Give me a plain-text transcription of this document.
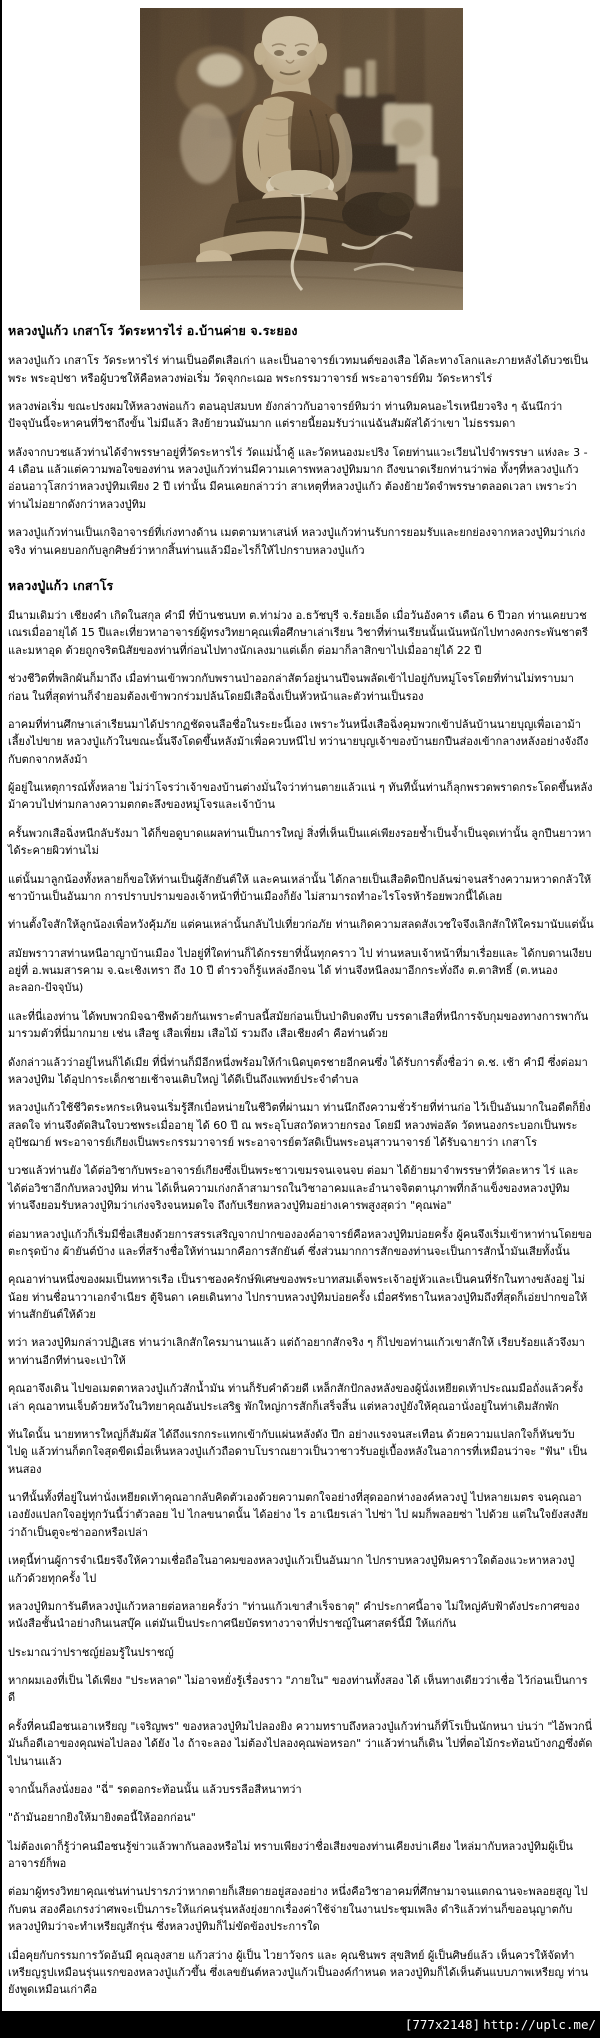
หลวงปู่แก้ว เกสาโร วัดระหารไร่ อ.บ้านค่าย จ.ระยอง

หลวงปู่แก้ว เกสาโร วัดระหารไร่ ท่านเป็นอดีตเสือเก่า และเป็นอาจารย์เวทมนต์ของเสือ ได้ละทางโลกและภายหลังได้บวชเป็นพระ พระอุปชา หรือผู้บวชให้คือหลวงพ่อเริ่ม วัดจุกกะเฌอ พระกรรมวาจารย์ พระอาจารย์ทิม วัดระหารไร่

หลวงพ่อเริ่ม ขณะปรงผมให้หลวงพ่อแก้ว ตอนอุปสมบท ยังกล่าวกับอาจารย์ทิมว่า ท่านทิมคนอะไรเหนียวจริง ๆ ฉันนึกว่าปัจจุบันนี้จะหาคนที่วิชาถึงขั้น ไม่มีแล้ว สิงย้ายวนมันมาก แต่รายนี้ยอมรับว่าแน่ฉันสัมผัสได้ว่าเขา ไม่ธรรมดา

หลังจากบวชแล้วท่านได้จำพรรษาอยู่ที่วัดระหารไร่ วัดแม่น้ำคู้ และวัดหนองมะปริง โดยท่านแวะเวียนไปจำพรรษา แห่งละ 3 - 4 เดือน แล้วแต่ความพอใจของท่าน หลวงปู่แก้วท่านมีความเคารพหลวงปู่ทิมมาก ถึงขนาดเรียกท่านว่าพ่อ ทั้งๆที่หลวงปู่แก้ว อ่อนอาวุโสกว่าหลวงปู่ทิมเพียง 2 ปี เท่านั้น มีคนเคยกล่าวว่า สาเหตุที่หลวงปู่แก้ว ต้องย้ายวัดจำพรรษาตลอดเวลา เพราะว่า ท่านไม่อยากดังกว่าหลวงปู่ทิม

หลวงปู่แก้วท่านเป็นเกจิอาจารย์ที่เก่งทางด้าน เมตตามหาเสน่ห์ หลวงปู่แก้วท่านรับการยอมรับและยกย่องจากหลวงปู่ทิมว่าเก่งจริง ท่านเคยบอกกับลูกศิษย์ว่าหากสิ้นท่านแล้วมีอะไรก็ให้ไปกราบหลวงปู่แก้ว

หลวงปู่แก้ว เกสาโร

มีนามเดิมว่า เชียงคำ เกิดในสกุล คำมี ที่บ้านชนบท ต.ท่าม่วง อ.ธวัชบุรี จ.ร้อยเอ็ด เมื่อวันอังคาร เดือน 6 ปีวอก ท่านเคยบวชเณรเมื่ออายุได้ 15 ปีและเที่ยวหาอาจารย์ผู้ทรงวิทยาคุณเพื่อศึกษาเล่าเรียน วิชาที่ท่านเรียนนั้นเน้นหนักไปทางคงกระพันชาตรีและมหาอุด ด้วยถูกจริตนิสัยของท่านที่ก่อนไปทางนักเลงมาแต่เด็ก ต่อมาก็ลาสิกขาไปเมื่ออายุได้ 22 ปี

ช่วงชีวิตที่พลิกผันก็มาถึง เมื่อท่านเข้าพวกกับพรานป่าออกล่าสัตว์อยู่นานปีจนพลัดเข้าไปอยู่กับหมู่โจรโดยที่ท่านไม่ทราบมาก่อน ในที่สุดท่านก็จำยอมต้องเข้าพวกร่วมปล้นโดยมีเสือฉิ่งเป็นหัวหน้าและตัวท่านเป็นรอง

อาคมที่ท่านศึกษาเล่าเรียนมาได้ปรากฏชัดจนลือชื่อในระยะนี้เอง เพราะวันหนึ่งเสือฉิ่งคุมพวกเข้าปล้นบ้านนายบุญเพื่อเอาม้าเลี้ยงไปขาย หลวงปู่แก้วในขณะนั้นจึงโดดขึ้นหลังม้าเพื่อควบหนีไป ทว่านายบุญเจ้าของบ้านยกปืนส่องเข้ากลางหลังอย่างจังถึงกับตกจากหลังม้า

ผู้อยู่ในเหตุการณ์ทั้งหลาย ไม่ว่าโจรว่าเจ้าของบ้านต่างมั่นใจว่าท่านตายแล้วแน่ ๆ ทันทีนั้นท่านก็ลุกพรวดพราดกระโดดขึ้นหลังม้าควบไปท่ามกลางความตกตะลึงของหมู่โจรและเจ้าบ้าน

ครั้นพวกเสือฉิ่งหนีกลับรังมา ได้ก็ขอดูบาดแผลท่านเป็นการใหญ่ สิ่งที่เห็นเป็นแค่เพียงรอยช้ำเป็นจ้ำเป็นจุดเท่านั้น ลูกปืนยาวหาได้ระคายผิวท่านไม่

แต่นั้นมาลูกน้องทั้งหลายก็ขอให้ท่านเป็นผู้สักยันต์ให้ และคนเหล่านั้น ได้กลายเป็นเสือติดปีกปล้นฆ่าจนสร้างความหวาดกลัวให้ชาวบ้านเป็นอันมาก การปราบปรามของเจ้าหน้าที่บ้านเมืองก็ยัง ไม่สามารถทำอะไรโจรห้าร้อยพวกนี้ได้เลย

ท่านตั้งใจสักให้ลูกน้องเพื่อหวังคุ้มภัย แต่คนเหล่านั้นกลับไปเที่ยวก่อภัย ท่านเกิดความสลดสังเวชใจจึงเลิกสักให้ใครมานับแต่นั้น

สมัยพราวาสท่านหนีอาญาบ้านเมือง ไปอยู่ที่ใดท่านก็ได้กรรยาที่นั้นทุกคราว ไป ท่านหลบเจ้าหน้าที่มาเรื่อยและ ได้กบดานเงียบอยู่ที่ อ.พนมสารคาม จ.ฉะเชิงเทรา ถึง 10 ปี ตำรวจก็รู้แหล่งอีกจน ได้ ท่านจึงหนีลงมาอีกกระทั่งถึง ต.ตาสิทธิ์ (ต.หนองละลอก-ปัจจุบัน)

และที่นี่เองท่าน ได้พบพวกมิจฉาชีพด้วยกันเพราะตำบลนี้สมัยก่อนเป็นป่าดิบดงทึบ บรรดาเสือที่หนีการจับกุมของทางการพากันมารวมตัวที่นี่มากมาย เช่น เสือชู เสือเพี่ยม เสือไม้ รวมถึง เสือเชียงคำ คือท่านด้วย

ดังกล่าวแล้วว่าอยู่ไหนก็ได้เมีย ที่นี่ท่านก็มีอีกหนึ่งพร้อมให้กำเนิดบุตรชายอีกคนซึ่ง ได้รับการตั้งชื่อว่า ด.ช. เช้า คำมี ซึ่งต่อมาหลวงปู่ทิม ได้อุปการะเด็กชายเช้าจนเติบใหญ่ ได้ดีเป็นถึงแพทย์ประจำตำบล

หลวงปู่แก้วใช้ชีวิตระหกระเหินจนเริ่มรู้สึกเบื่อหน่ายในชีวิตที่ผ่านมา ท่านนึกถึงความชั่วร้ายที่ท่านก่อ ไว้เป็นอันมากในอดีตก็ยิ่งสลดใจ ท่านจึงตัดสินใจบวชพระเมื่ออายุ ได้ 60 ปี ณ พระอุโบสถวัดหวายกรอง โดยมี หลวงพ่อลัด วัดหนองกระบอกเป็นพระอุปัชฌาย์ พระอาจารย์เกียงเป็นพระกรรมวาจารย์ พระอาจารย์ตวัสดิเป็นพระอนุสาวนาจารย์ ได้รับฉายาว่า เกสาโร

บวชแล้วท่านยัง ได้ต่อวิชากับพระอาจารย์เกียงซึ่งเป็นพระชาวเขมรจนเจนจบ ต่อมา ได้ย้ายมาจำพรรษาที่วัดละหาร ไร่ และ ได้ต่อวิชาอีกกับหลวงปู่ทิม ท่าน ได้เห็นความเก่งกล้าสามารถในวิชาอาคมและอำนาจจิตตานุภาพที่กล้าแข็งของหลวงปู่ทิม ท่านจึงยอมรับหลวงปู่ทิมว่าเก่งจริงจนหมดใจ ถึงกับเรียกหลวงปู่ทิมอย่างเคารพสูงสุดว่า "คุณพ่อ"

ต่อมาหลวงปู่แก้วก็เริ่มมีชื่อเสียงด้วยการสรรเสริญจากปากขององค์อาจารย์คือหลวงปู่ทิมบ่อยครั้ง ผู้คนจึงเริ่มเข้าหาท่านโดยขอตะกรุดบ้าง ผ้ายันต์บ้าง และที่สร้างชื่อให้ท่านมากคือการสักยันต์ ซึ่งส่วนมากการสักของท่านจะเป็นการสักน้ำมันเสียทั้งนั้น

คุณอาท่านหนึ่งของผมเป็นทหารเรือ เป็นราชองครักษ์พิเศษของพระบาทสมเด็จพระเจ้าอยู่หัวและเป็นคนที่รักในทางขลังอยู่ ไม่น้อย ท่านชื่อนาวาเอกจำเนียร ตู้จินดา เคยเดินทาง ไปกราบหลวงปู่ทิมบ่อยครั้ง เมื่อศรัทธาในหลวงปู่ทิมถึงที่สุดก็เอ่ยปากขอให้ท่านสักยันต์ให้ด้วย

ทว่า หลวงปู่ทิมกล่าวปฏิเสธ ท่านว่าเลิกสักใครมานานแล้ว แต่ถ้าอยากสักจริง ๆ ก็ไปขอท่านแก้วเขาสักให้ เรียบร้อยแล้วจึงมาหาท่านอีกทีท่านจะเป่าให้

คุณอาจึงเดิน ไปขอเมตตาหลวงปู่แก้วสักน้ำมัน ท่านก็รับคำด้วยดี เหล็กสักปักลงหลังของผู้นั่งเหยียดเท้าประณมมือถั่งแล้วครั้งเล่า คุณอาทนเจ็บด้วยหวังในวิทยาคุณอันประเสริฐ พักใหญ่การสักก็เสร็จสิ้น แต่หลวงปู่ยังให้คุณอานั่งอยู่ในท่าเดิมสักพัก

ทันใดนั้น นายทหารใหญ่ก็สัมผัส ได้ถึงแรกกระแทกเข้ากับแผ่นหลังดัง ปึก อย่างแรงจนสะเทือน ด้วยความแปลกใจก็หันขวับ ไปดู แล้วท่านก็ตกใจสุดขีดเมื่อเห็นหลวงปู่แก้วถือดาบโบราณยาวเป็นวาชาวรับอยู่เบื้องหลังในอาการที่เหมือนว่าจะ "ฟัน" เป็นหนสอง

นาทีนั้นทั้งที่อยู่ในท่านั่งเหยียดเท้าคุณอากลับคิดตัวเองด้วยความตกใจอย่างที่สุดออกห่างองค์หลวงปู่ ไปหลายเมตร จนคุณอาเองยังแปลกใจอยู่ทุกวันนี้ว่าตัวลอย ไป ไกลขนาดนั้น ได้อย่าง ไร อาเนียรเล่า ไปซ่า ไป ผมก็พลอยซ่า ไปด้วย แต่ในใจยังสงสัยว่าถ้าเป็นตูจะซ่าออกหรือเปล่า

เหตุนี้ท่านผู้การจำเนียรจึงให้ความเชื่อถือในอาคมของหลวงปู่แก้วเป็นอันมาก ไปกราบหลวงปู่ทิมคราวใดต้องแวะหาหลวงปู่แก้วด้วยทุกครั้ง ไป

หลวงปู่ทิมการันตีหลวงปู่แก้วหลายต่อหลายครั้งว่า "ท่านแก้วเขาสำเร็จธาตุ" คำประกาศนี้อาจ ไม่ใหญ่คับฟ้าดังประกาศของหนังสือชั้นนำอย่างกินเนสบุ๊ค แต่มันเป็นประกาศนียบัตรทางวาจาที่ปราชญ์ในศาสตร์นี้มี ให้แก่กัน

ประมาณว่าปราชญ์ย่อมรู้ในปราชญ์

หากผมเองที่เป็น ได้เพียง "ประหลาด" ไม่อาจหยั่งรู้เรื่องราว "ภายใน" ของท่านทั้งสอง ได้ เห็นทางเดียวว่าเชื่อ ไว้ก่อนเป็นการดี

ครั้งที่คนมือชนเอาเหรียญ "เจริญพร" ของหลวงปู่ทิมไปลองยิง ความทราบถึงหลวงปู่แก้วท่านก็ที่โรเป็นนักหนา บ่นว่า "ไอ้พวกนี่มันก็อดีเอาของคุณพ่อไปลอง ได้ยัง ไง ถ้าจะลอง ไม่ต้องไปลองคุณพ่อหรอก" ว่าแล้วท่านก็เดิน ไปที่ตอไม้กระท้อนบ้างกฏซึ่งตัด ไปนานแล้ว

จากนั้นก็ลงนั่งยอง "ฉี่" รดตอกระท้อนนั้น แล้วบรรลือสีหนาทว่า

"ถ้ามันอยากยิงให้มายิงตอนี้ให้ออกก่อน"

ไม่ต้องเดาก็รู้ว่าคนมือชนรู้ข่าวแล้วพากันลองหรือไม่ ทราบเพียงว่าชื่อเสียงของท่านเคียงบ่าเคียง ไหล่มากับหลวงปู่ทิมผู้เป็นอาจารย์ก็พอ

ต่อมาผู้ทรงวิทยาคุณเช่นท่านปรารภว่าหากตายก็เสียดายอยู่สองอย่าง หนึ่งคือวิชาอาคมที่ศึกษามาจนแตกฉานจะพลอยสูญ ไปกับตน สองคือเกรงว่าศพจะเป็นภาระให้แก่คนรุ่นหลังยุ่งยากเรื่องค่าใช้จ่ายในงานประชุมเพลิง ดำริแล้วท่านก็ขออนุญาตกับหลวงปู่ทิมว่าจะทำเหรียญสักรุ่น ซึ่งหลวงปู่ทิมก็ไม่ขัดข้องประการใด

เมื่อคุยกับกรรมการวัดอันมี คุณลุงสาย แก้วสว่าง ผู้เป็น ไวยาวัจกร และ คุณชินพร สุขสิทย์ ผู้เป็นศิษย์แล้ว เห็นควรให้จัดทำเหรียญรูปเหมือนรุ่นแรกของหลวงปู่แก้วขึ้น ซึ่งเลขยันต์หลวงปู่แก้วเป็นองค์กำหนด หลวงปู่ทิมก็ได้เห็นต้นแบบภาพเหรียญ ท่านยังพูดเหมือนเก่าคือ

[777x2148] http://uplc.me/
